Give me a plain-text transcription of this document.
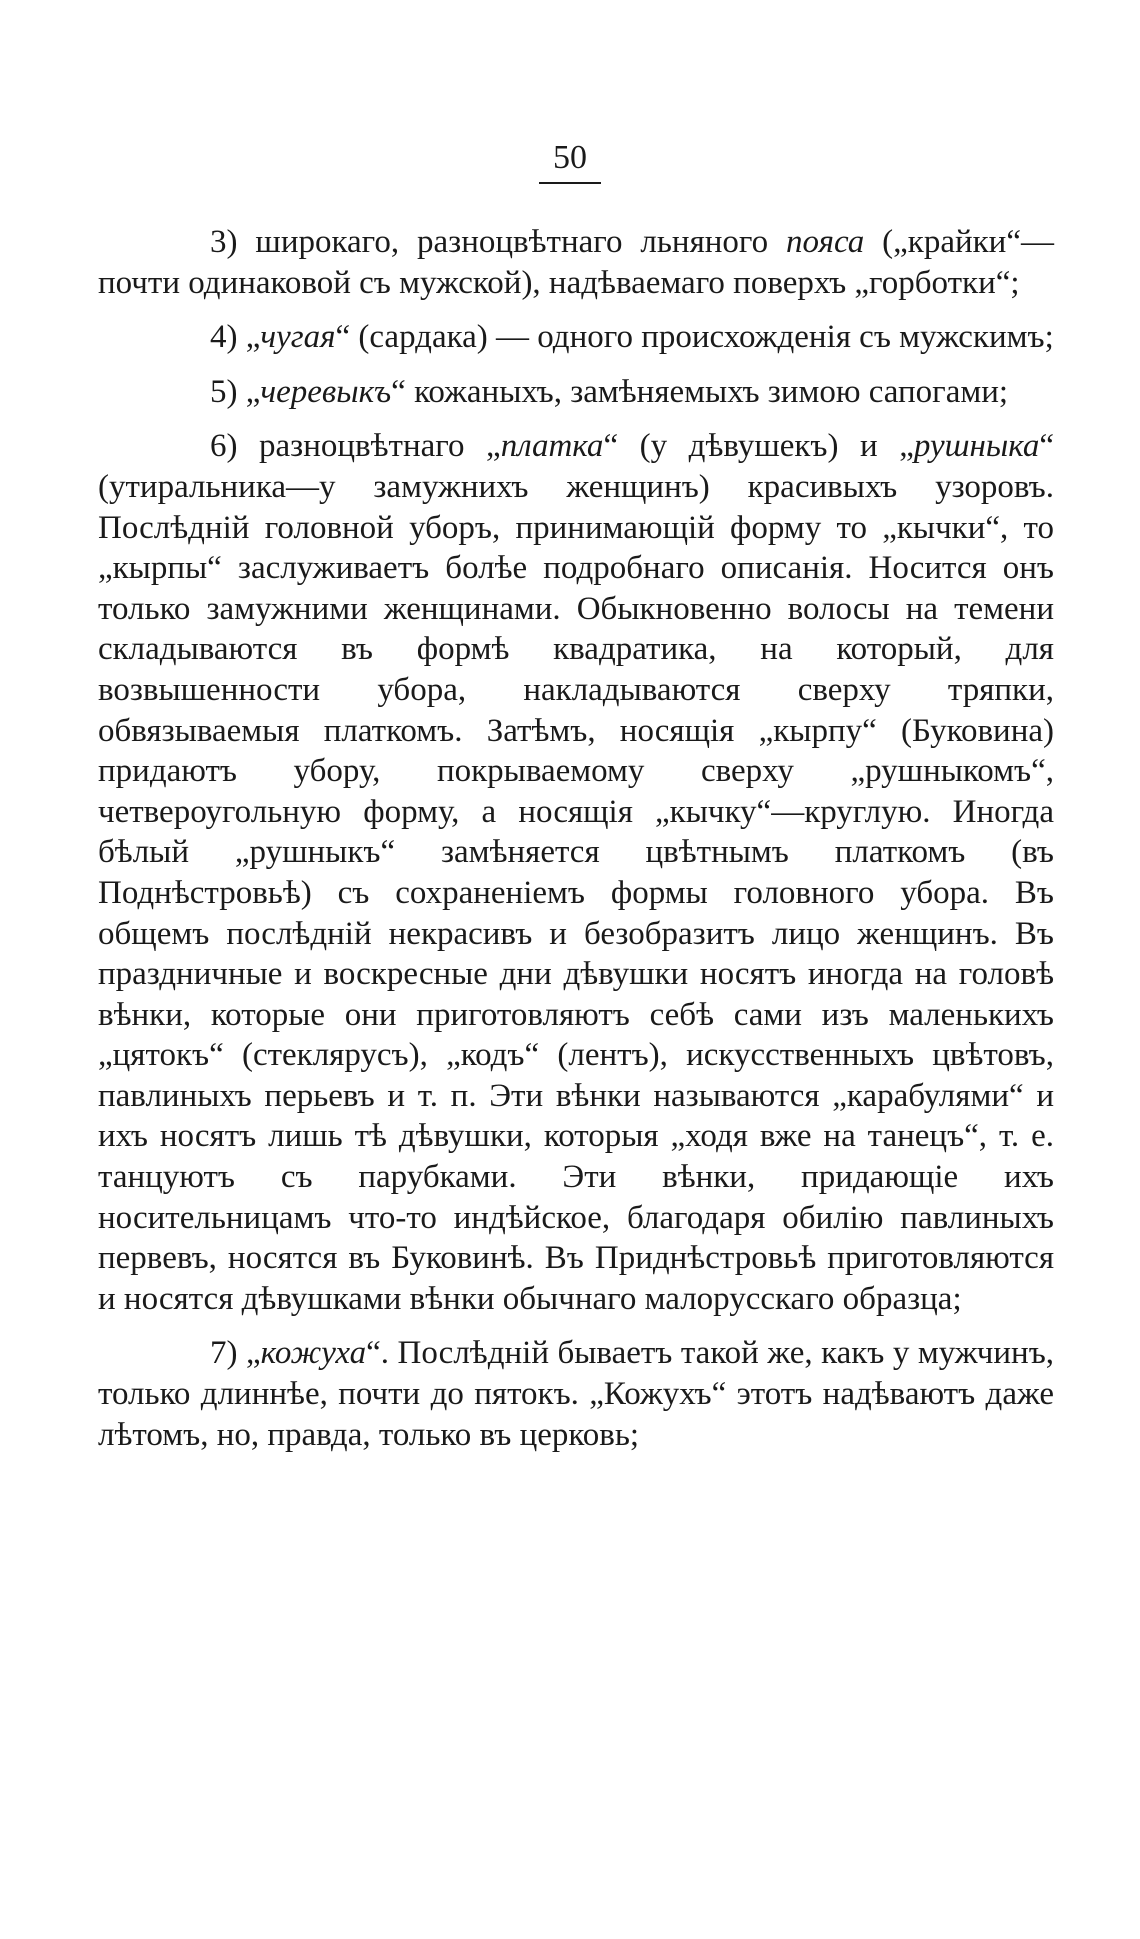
50

3) широкаго, разноцвѣтнаго льняного пояса („крайки“—почти одинаковой съ мужской), надѣваемаго поверхъ „горботки“;

4) „чугая“ (сардака) — одного происхожденія съ мужскимъ;

5) „черевыкъ“ кожаныхъ, замѣняемыхъ зимою сапогами;

6) разноцвѣтнаго „платка“ (у дѣвушекъ) и „рушныка“ (утиральника—у замужнихъ женщинъ) красивыхъ узоровъ. Послѣдній головной уборъ, принимающій форму то „кычки“, то „кырпы“ заслуживаетъ болѣе подробнаго описанія. Носится онъ только замужними женщинами. Обыкновенно волосы на темени складываются въ формѣ квадратика, на который, для возвышенности убора, накладываются сверху тряпки, обвязываемыя платкомъ. Затѣмъ, носящія „кырпу“ (Буковина) придаютъ убору, покрываемому сверху „рушныкомъ“, четвероугольную форму, а носящія „кычку“—круглую. Иногда бѣлый „рушныкъ“ замѣняется цвѣтнымъ платкомъ (въ Поднѣстровьѣ) съ сохраненіемъ формы головного убора. Въ общемъ послѣдній некрасивъ и безобразитъ лицо женщинъ. Въ праздничные и воскресные дни дѣвушки носятъ иногда на головѣ вѣнки, которые они приготовляютъ себѣ сами изъ маленькихъ „цятокъ“ (стеклярусъ), „кодъ“ (лентъ), искусственныхъ цвѣтовъ, павлиныхъ перьевъ и т. п. Эти вѣнки называются „карабулями“ и ихъ носятъ лишь тѣ дѣвушки, которыя „ходя вже на танецъ“, т. е. танцуютъ съ парубками. Эти вѣнки, придающіе ихъ носительницамъ что-то индѣйское, благодаря обилію павлиныхъ первевъ, носятся въ Буковинѣ. Въ Приднѣстровьѣ приготовляются и носятся дѣвушками вѣнки обычнаго малорусскаго образца;

7) „кожуха“. Послѣдній бываетъ такой же, какъ у мужчинъ, только длиннѣе, почти до пятокъ. „Кожухъ“ этотъ надѣваютъ даже лѣтомъ, но, правда, только въ церковь;
